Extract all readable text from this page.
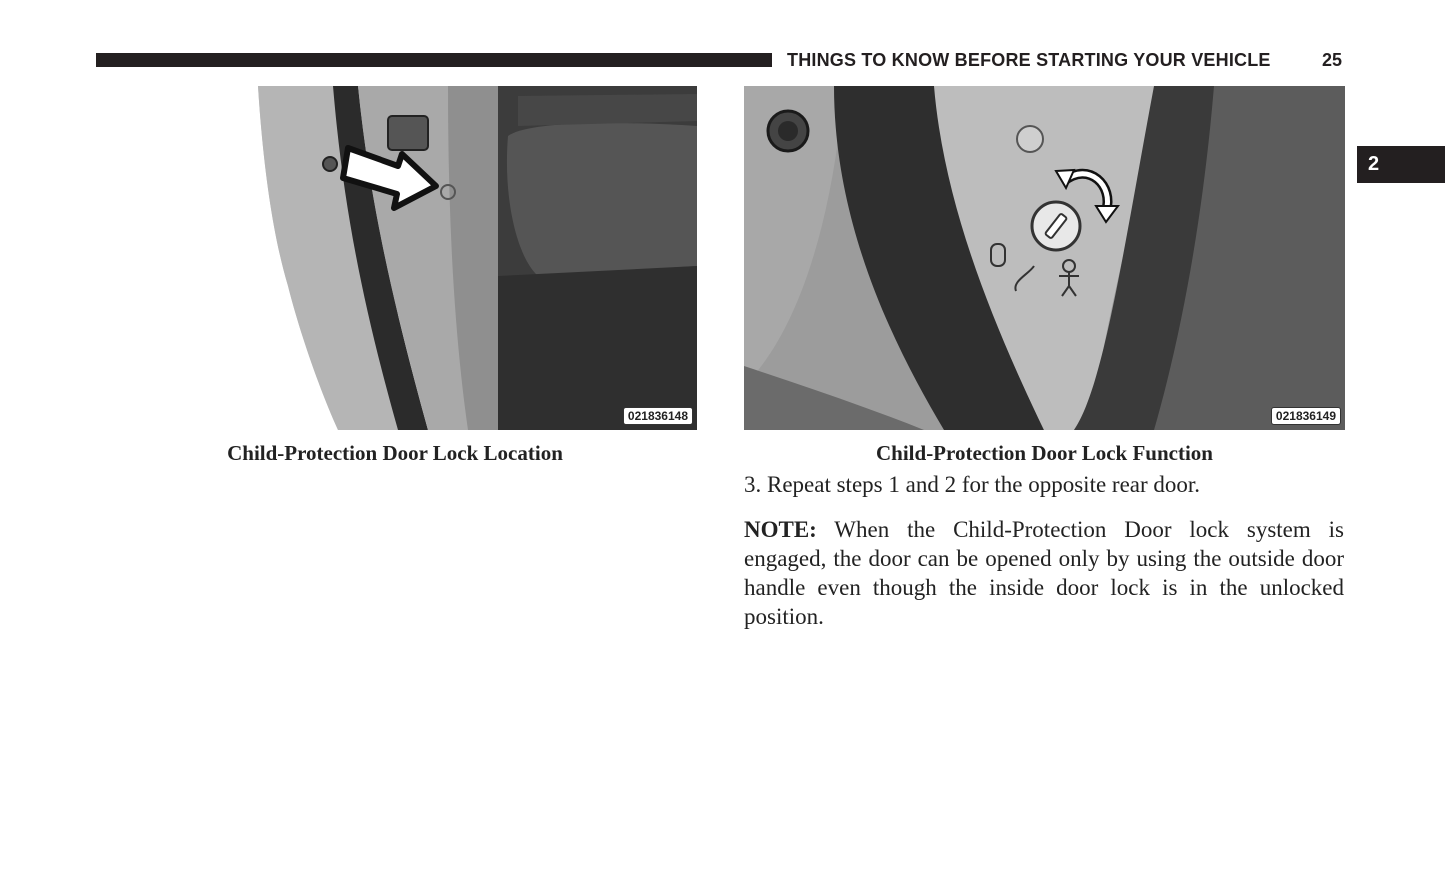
THINGS TO KNOW BEFORE STARTING YOUR VEHICLE	25
2
021836148
Child-Protection Door Lock Location
021836149
Child-Protection Door Lock Function
3. Repeat steps 1 and 2 for the opposite rear door.
NOTE: When the Child-Protection Door lock system is engaged, the door can be opened only by using the outside door handle even though the inside door lock is in the unlocked position.
